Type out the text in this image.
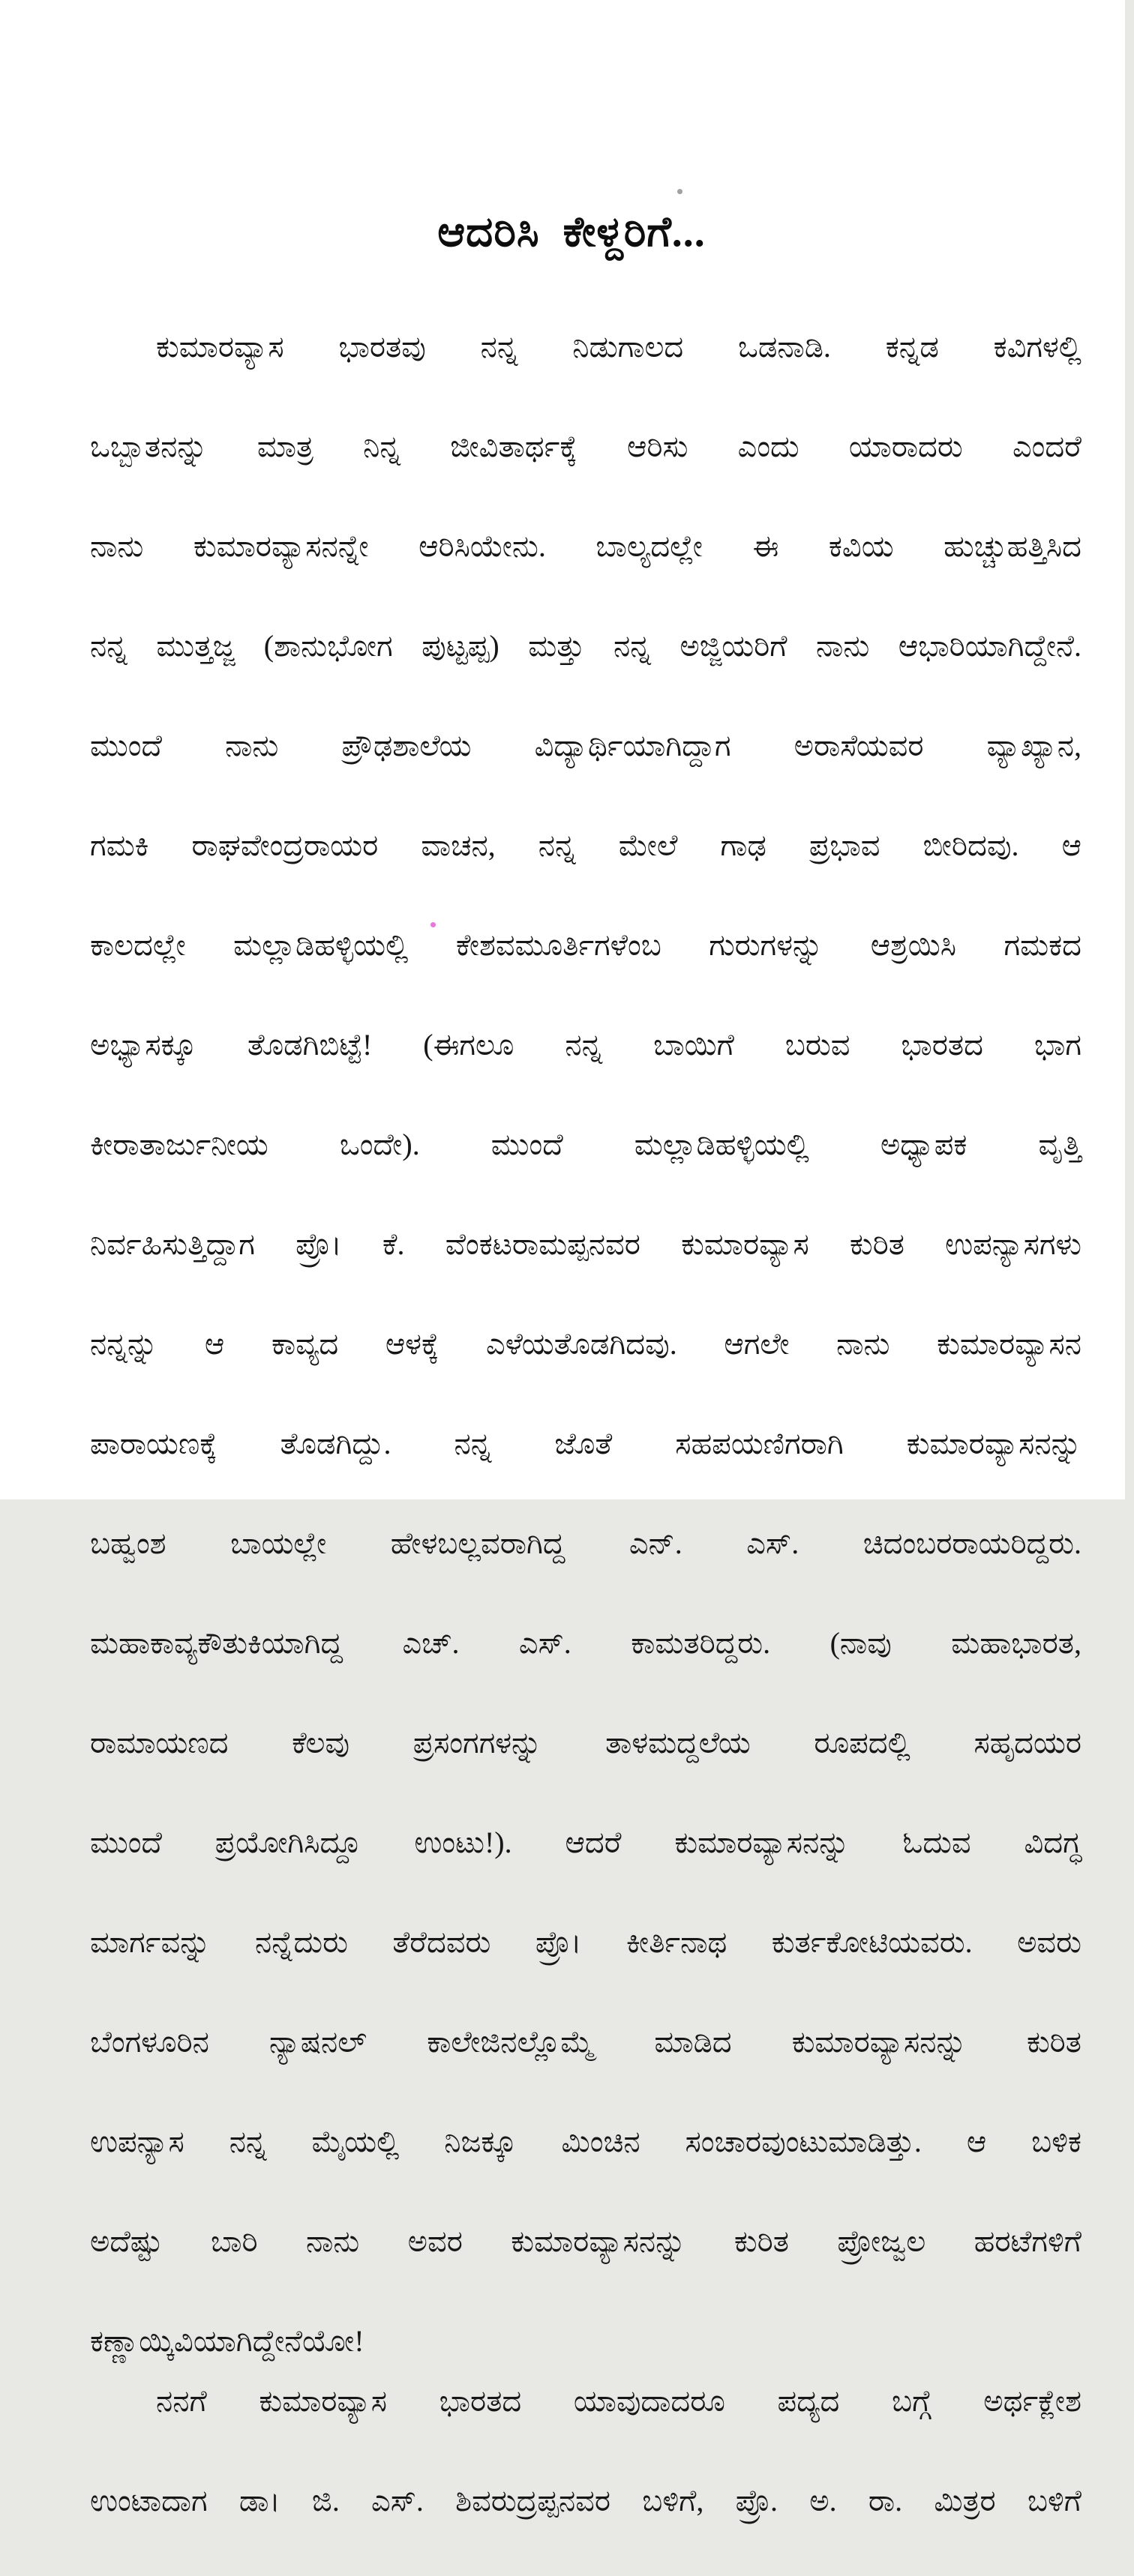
ಆದರಿಸಿ ಕೇಳ್ದರಿಗೆ...
ಕುಮಾರವ್ಯಾಸ ಭಾರತವು ನನ್ನ ನಿಡುಗಾಲದ ಒಡನಾಡಿ. ಕನ್ನಡ ಕವಿಗಳಲ್ಲಿ
ಒಬ್ಬಾತನನ್ನು ಮಾತ್ರ ನಿನ್ನ ಜೀವಿತಾರ್ಥಕ್ಕೆ ಆರಿಸು ಎಂದು ಯಾರಾದರು ಎಂದರೆ
ನಾನು ಕುಮಾರವ್ಯಾಸನನ್ನೇ ಆರಿಸಿಯೇನು. ಬಾಲ್ಯದಲ್ಲೇ ಈ ಕವಿಯ ಹುಚ್ಚುಹತ್ತಿಸಿದ
ನನ್ನ ಮುತ್ತಜ್ಜ (ಶಾನುಭೋಗ ಪುಟ್ಟಪ್ಪ) ಮತ್ತು ನನ್ನ ಅಜ್ಜಿಯರಿಗೆ ನಾನು ಆಭಾರಿಯಾಗಿದ್ದೇನೆ.
ಮುಂದೆ ನಾನು ಪ್ರೌಢಶಾಲೆಯ ವಿದ್ಯಾರ್ಥಿಯಾಗಿದ್ದಾಗ ಅರಾಸೆಯವರ ವ್ಯಾಖ್ಯಾನ,
ಗಮಕಿ ರಾಘವೇಂದ್ರರಾಯರ ವಾಚನ, ನನ್ನ ಮೇಲೆ ಗಾಢ ಪ್ರಭಾವ ಬೀರಿದವು. ಆ
ಕಾಲದಲ್ಲೇ ಮಲ್ಲಾಡಿಹಳ್ಳಿಯಲ್ಲಿ ಕೇಶವಮೂರ್ತಿಗಳೆಂಬ ಗುರುಗಳನ್ನು ಆಶ್ರಯಿಸಿ ಗಮಕದ
ಅಭ್ಯಾಸಕ್ಕೂ ತೊಡಗಿಬಿಟ್ಟೆ! (ಈಗಲೂ ನನ್ನ ಬಾಯಿಗೆ ಬರುವ ಭಾರತದ ಭಾಗ
ಕೀರಾತಾರ್ಜುನೀಯ ಒಂದೇ). ಮುಂದೆ ಮಲ್ಲಾಡಿಹಳ್ಳಿಯಲ್ಲಿ ಅಧ್ಯಾಪಕ ವೃತ್ತಿ
ನಿರ್ವಹಿಸುತ್ತಿದ್ದಾಗ ಪ್ರೊ। ಕೆ. ವೆಂಕಟರಾಮಪ್ಪನವರ ಕುಮಾರವ್ಯಾಸ ಕುರಿತ ಉಪನ್ಯಾಸಗಳು
ನನ್ನನ್ನು ಆ ಕಾವ್ಯದ ಆಳಕ್ಕೆ ಎಳೆಯತೊಡಗಿದವು. ಆಗಲೇ ನಾನು ಕುಮಾರವ್ಯಾಸನ
ಪಾರಾಯಣಕ್ಕೆ ತೊಡಗಿದ್ದು. ನನ್ನ ಜೊತೆ ಸಹಪಯಣಿಗರಾಗಿ ಕುಮಾರವ್ಯಾಸನನ್ನು
ಬಹ್ವಂಶ ಬಾಯಲ್ಲೇ ಹೇಳಬಲ್ಲವರಾಗಿದ್ದ ಎನ್. ಎಸ್. ಚಿದಂಬರರಾಯರಿದ್ದರು.
ಮಹಾಕಾವ್ಯಕೌತುಕಿಯಾಗಿದ್ದ ಎಚ್. ಎಸ್. ಕಾಮತರಿದ್ದರು. (ನಾವು ಮಹಾಭಾರತ,
ರಾಮಾಯಣದ ಕೆಲವು ಪ್ರಸಂಗಗಳನ್ನು ತಾಳಮದ್ದಲೆಯ ರೂಪದಲ್ಲಿ ಸಹೃದಯರ
ಮುಂದೆ ಪ್ರಯೋಗಿಸಿದ್ದೂ ಉಂಟು!). ಆದರೆ ಕುಮಾರವ್ಯಾಸನನ್ನು ಓದುವ ವಿದಗ್ಧ
ಮಾರ್ಗವನ್ನು ನನ್ನೆದುರು ತೆರೆದವರು ಪ್ರೊ। ಕೀರ್ತಿನಾಥ ಕುರ್ತಕೋಟಿಯವರು. ಅವರು
ಬೆಂಗಳೂರಿನ ನ್ಯಾಷನಲ್ ಕಾಲೇಜಿನಲ್ಲೊಮ್ಮೆ ಮಾಡಿದ ಕುಮಾರವ್ಯಾಸನನ್ನು ಕುರಿತ
ಉಪನ್ಯಾಸ ನನ್ನ ಮೈಯಲ್ಲಿ ನಿಜಕ್ಕೂ ಮಿಂಚಿನ ಸಂಚಾರವುಂಟುಮಾಡಿತ್ತು. ಆ ಬಳಿಕ
ಅದೆಷ್ಟು ಬಾರಿ ನಾನು ಅವರ ಕುಮಾರವ್ಯಾಸನನ್ನು ಕುರಿತ ಪ್ರೋಜ್ವಲ ಹರಟೆಗಳಿಗೆ
ಕಣ್ಣಾಯ್ಕಿವಿಯಾಗಿದ್ದೇನೆಯೋ!
ನನಗೆ ಕುಮಾರವ್ಯಾಸ ಭಾರತದ ಯಾವುದಾದರೂ ಪದ್ಯದ ಬಗ್ಗೆ ಅರ್ಥಕ್ಲೇಶ
ಉಂಟಾದಾಗ ಡಾ। ಜಿ. ಎಸ್. ಶಿವರುದ್ರಪ್ಪನವರ ಬಳಿಗೆ, ಪ್ರೊ. ಅ. ರಾ. ಮಿತ್ರರ ಬಳಿಗೆ
